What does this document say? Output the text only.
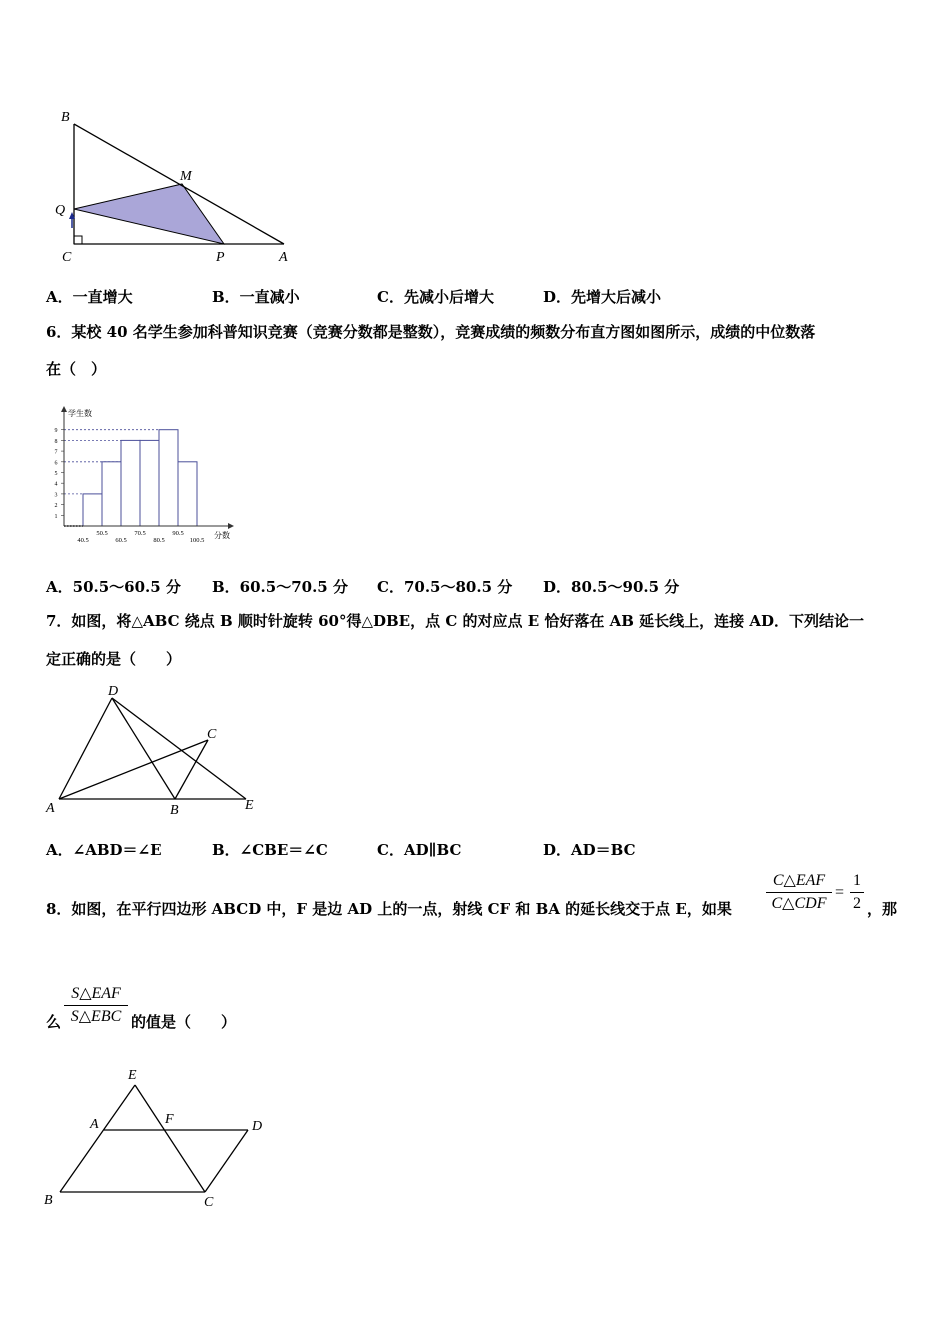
B
M
Q
C	P	A
A．一直增大	B．一直减小	C．先减小后增大	D．先增大后减小
6．某校 40 名学生参加科普知识竞赛（竞赛分数都是整数），竞赛成绩的频数分布直方图如图所示，成绩的中位数落
在（　）
1
2
3
4
5
6
7
8
9
40.5
50.5
60.5
70.5
80.5
90.5
100.5
学生数
分数
A．50.5～60.5 分 B．60.5～70.5 分 C．70.5～80.5 分 D．80.5～90.5 分
7．如图，将△ABC 绕点 B 顺时针旋转 60°得△DBE，点 C 的对应点 E 恰好落在 AB 延长线上，连接 AD．下列结论一
定正确的是（　　）
D
C
A	B	E
A．∠ABD＝∠E	B．∠CBE＝∠C	C．AD∥BC	D．AD＝BC
8．如图，在平行四边形 ABCD 中，F 是边 AD 上的一点，射线 CF 和 BA 的延长线交于点 E，如果
C△EAF
C△CDF
=
1
2 ，那
么
S△EAF
S△EBC 的值是（　　）
E
A	F	D
B	C
